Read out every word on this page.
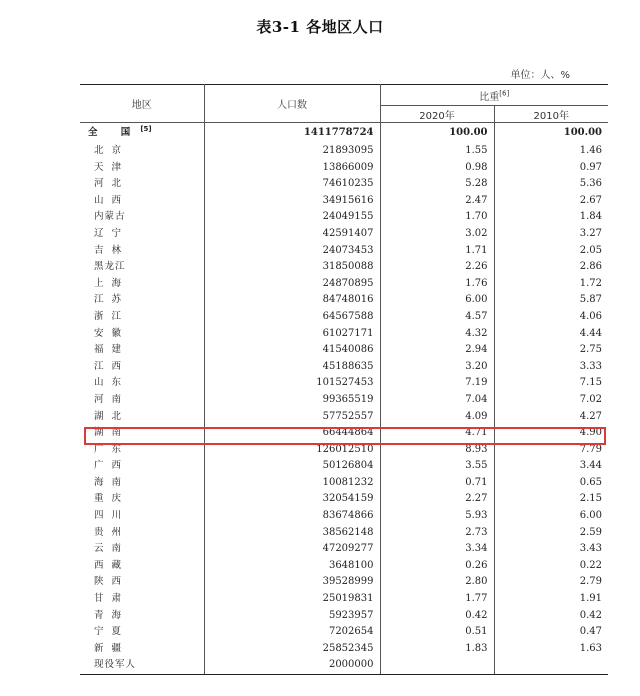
表3-1 各地区人口
单位：人、%
地区	人口数	比重[6]
		2020年	2010年
全 国[5]	1411778724	100.00	100.00
北京	21893095	1.55	1.46
天津	13866009	0.98	0.97
河北	74610235	5.28	5.36
山西	34915616	2.47	2.67
内蒙古	24049155	1.70	1.84
辽宁	42591407	3.02	3.27
吉林	24073453	1.71	2.05
黑龙江	31850088	2.26	2.86
上海	24870895	1.76	1.72
江苏	84748016	6.00	5.87
浙江	64567588	4.57	4.06
安徽	61027171	4.32	4.44
福建	41540086	2.94	2.75
江西	45188635	3.20	3.33
山东	101527453	7.19	7.15
河南	99365519	7.04	7.02
湖北	57752557	4.09	4.27
湖南	66444864	4.71	4.90
广东	126012510	8.93	7.79
广西	50126804	3.55	3.44
海南	10081232	0.71	0.65
重庆	32054159	2.27	2.15
四川	83674866	5.93	6.00
贵州	38562148	2.73	2.59
云南	47209277	3.34	3.43
西藏	3648100	0.26	0.22
陕西	39528999	2.80	2.79
甘肃	25019831	1.77	1.91
青海	5923957	0.42	0.42
宁夏	7202654	0.51	0.47
新疆	25852345	1.83	1.63
现役军人	2000000		
